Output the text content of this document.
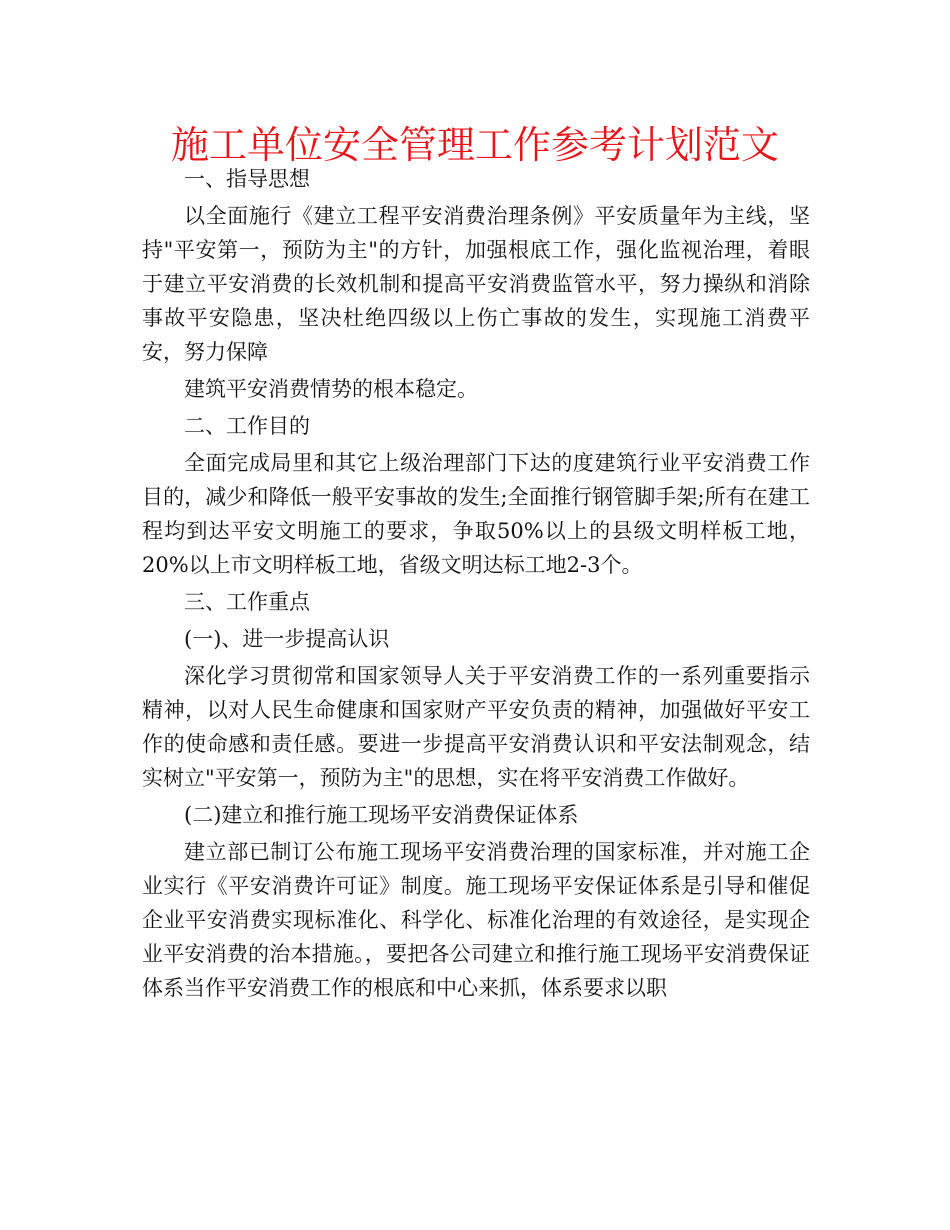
施工单位安全管理工作参考计划范文

一、指导思想

以全面施行《建立工程平安消费治理条例》平安质量年为主线，坚持"平安第一，预防为主"的方针，加强根底工作，强化监视治理，着眼于建立平安消费的长效机制和提高平安消费监管水平，努力操纵和消除事故平安隐患，坚决杜绝四级以上伤亡事故的发生，实现施工消费平安，努力保障

建筑平安消费情势的根本稳定。

二、工作目的

全面完成局里和其它上级治理部门下达的度建筑行业平安消费工作目的，减少和降低一般平安事故的发生;全面推行钢管脚手架;所有在建工程均到达平安文明施工的要求，争取50%以上的县级文明样板工地，20%以上市文明样板工地，省级文明达标工地2-3个。

三、工作重点

(一)、进一步提高认识

深化学习贯彻常和国家领导人关于平安消费工作的一系列重要指示精神，以对人民生命健康和国家财产平安负责的精神，加强做好平安工作的使命感和责任感。要进一步提高平安消费认识和平安法制观念，结实树立"平安第一，预防为主"的思想，实在将平安消费工作做好。

(二)建立和推行施工现场平安消费保证体系

建立部已制订公布施工现场平安消费治理的国家标准，并对施工企业实行《平安消费许可证》制度。施工现场平安保证体系是引导和催促企业平安消费实现标准化、科学化、标准化治理的有效途径，是实现企业平安消费的治本措施。，要把各公司建立和推行施工现场平安消费保证体系当作平安消费工作的根底和中心来抓，体系要求以职
